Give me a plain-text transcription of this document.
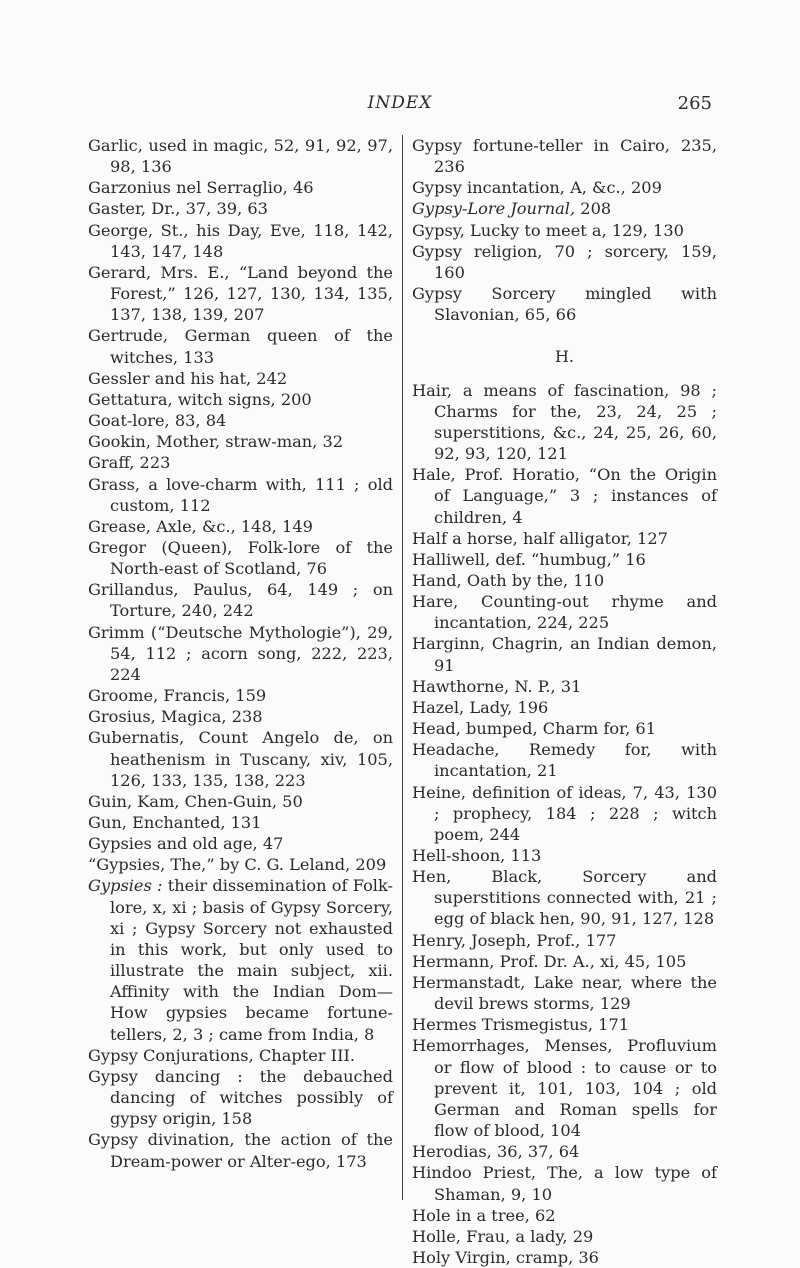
INDEX	265

Garlic, used in magic, 52, 91, 92, 97, 98, 136

Garzonius nel Serraglio, 46

Gaster, Dr., 37, 39, 63

George, St., his Day, Eve, 118, 142, 143, 147, 148

Gerard, Mrs. E., “Land beyond the Forest,” 126, 127, 130, 134, 135, 137, 138, 139, 207

Gertrude, German queen of the witches, 133

Gessler and his hat, 242

Gettatura, witch signs, 200

Goat-lore, 83, 84

Gookin, Mother, straw-man, 32

Graff, 223

Grass, a love-charm with, 111 ; old custom, 112

Grease, Axle, &c., 148, 149

Gregor (Queen), Folk-lore of the North-east of Scotland, 76

Grillandus, Paulus, 64, 149 ; on Torture, 240, 242

Grimm (“Deutsche Mythologie”), 29, 54, 112 ; acorn song, 222, 223, 224

Groome, Francis, 159

Grosius, Magica, 238

Gubernatis, Count Angelo de, on heathenism in Tuscany, xiv, 105, 126, 133, 135, 138, 223

Guin, Kam, Chen-Guin, 50

Gun, Enchanted, 131

Gypsies and old age, 47

“Gypsies, The,” by C. G. Leland, 209

Gypsies : their dissemination of Folk-lore, x, xi ; basis of Gypsy Sorcery, xi ; Gypsy Sorcery not exhausted in this work, but only used to illustrate the main subject, xii. Affinity with the Indian Dom—How gypsies became fortune-tellers, 2, 3 ; came from India, 8

Gypsy Conjurations, Chapter III.

Gypsy dancing : the debauched dancing of witches possibly of gypsy origin, 158

Gypsy divination, the action of the Dream-power or Alter-ego, 173

Gypsy fortune-teller in Cairo, 235, 236

Gypsy incantation, A, &c., 209

Gypsy-Lore Journal, 208

Gypsy, Lucky to meet a, 129, 130

Gypsy religion, 70 ; sorcery, 159, 160

Gypsy Sorcery mingled with Slavonian, 65, 66

H.

Hair, a means of fascination, 98 ; Charms for the, 23, 24, 25 ; superstitions, &c., 24, 25, 26, 60, 92, 93, 120, 121

Hale, Prof. Horatio, “On the Origin of Language,” 3 ; instances of children, 4

Half a horse, half alligator, 127

Halliwell, def. “humbug,” 16

Hand, Oath by the, 110

Hare, Counting-out rhyme and incantation, 224, 225

Harginn, Chagrin, an Indian demon, 91

Hawthorne, N. P., 31

Hazel, Lady, 196

Head, bumped, Charm for, 61

Headache, Remedy for, with incantation, 21

Heine, definition of ideas, 7, 43, 130 ; prophecy, 184 ; 228 ; witch poem, 244

Hell-shoon, 113

Hen, Black, Sorcery and superstitions connected with, 21 ; egg of black hen, 90, 91, 127, 128

Henry, Joseph, Prof., 177

Hermann, Prof. Dr. A., xi, 45, 105

Hermanstadt, Lake near, where the devil brews storms, 129

Hermes Trismegistus, 171

Hemorrhages, Menses, Profluvium or flow of blood : to cause or to prevent it, 101, 103, 104 ; old German and Roman spells for flow of blood, 104

Herodias, 36, 37, 64

Hindoo Priest, The, a low type of Shaman, 9, 10

Hole in a tree, 62

Holle, Frau, a lady, 29

Holy Virgin, cramp, 36
